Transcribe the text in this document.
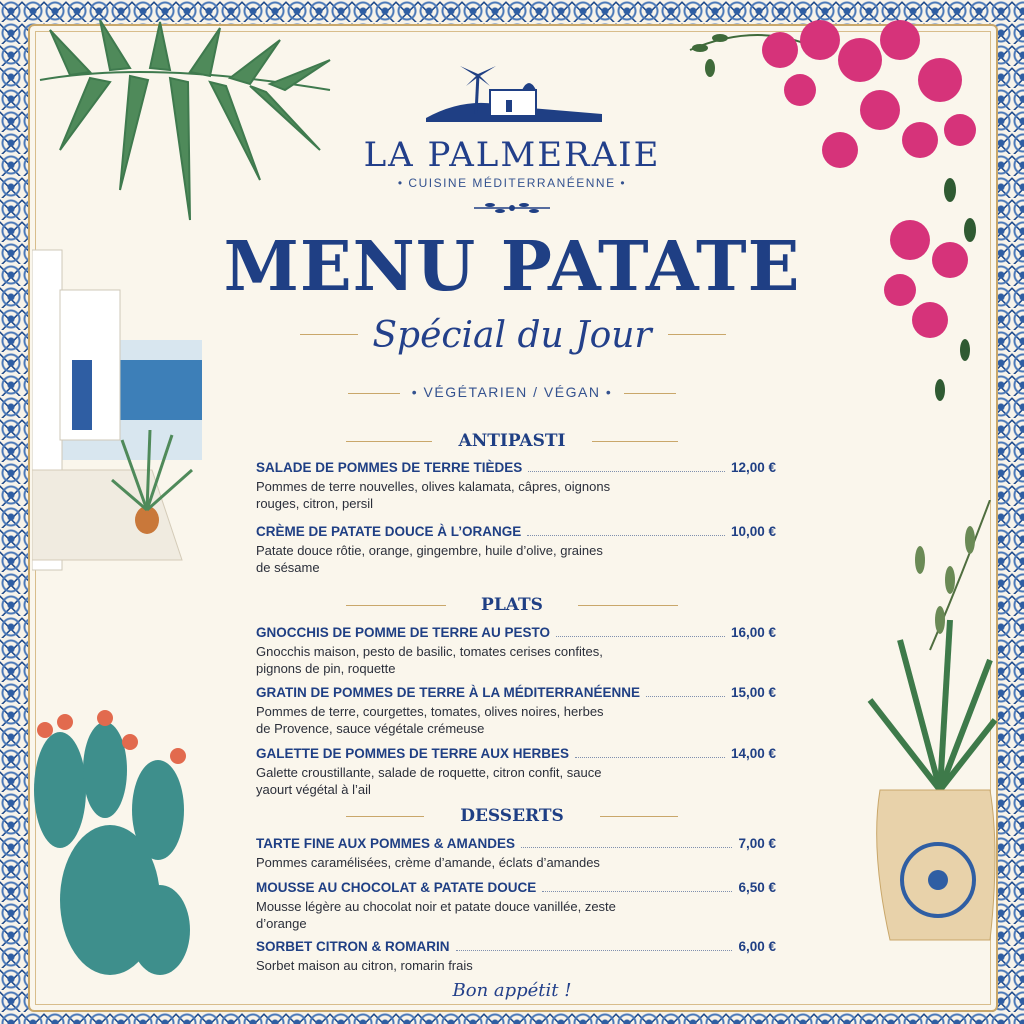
LA PALMERAIE
• CUISINE MÉDITERRANÉENNE •
MENU PATATE
Spécial du Jour
• VÉGÉTARIEN / VÉGAN •
ANTIPASTI
SALADE DE POMMES DE TERRE TIÈDES	12,00 €
Pommes de terre nouvelles, olives kalamata, câpres, oignons rouges, citron, persil
CRÈME DE PATATE DOUCE À L’ORANGE	10,00 €
Patate douce rôtie, orange, gingembre, huile d’olive, graines de sésame
PLATS
GNOCCHIS DE POMME DE TERRE AU PESTO	16,00 €
Gnocchis maison, pesto de basilic, tomates cerises confites, pignons de pin, roquette
GRATIN DE POMMES DE TERRE À LA MÉDITERRANÉENNE	15,00 €
Pommes de terre, courgettes, tomates, olives noires, herbes de Provence, sauce végétale crémeuse
GALETTE DE POMMES DE TERRE AUX HERBES	14,00 €
Galette croustillante, salade de roquette, citron confit, sauce yaourt végétal à l’ail
DESSERTS
TARTE FINE AUX POMMES & AMANDES	7,00 €
Pommes caramélisées, crème d’amande, éclats d’amandes
MOUSSE AU CHOCOLAT & PATATE DOUCE	6,50 €
Mousse légère au chocolat noir et patate douce vanillée, zeste d’orange
SORBET CITRON & ROMARIN	6,00 €
Sorbet maison au citron, romarin frais
Bon appétit !
